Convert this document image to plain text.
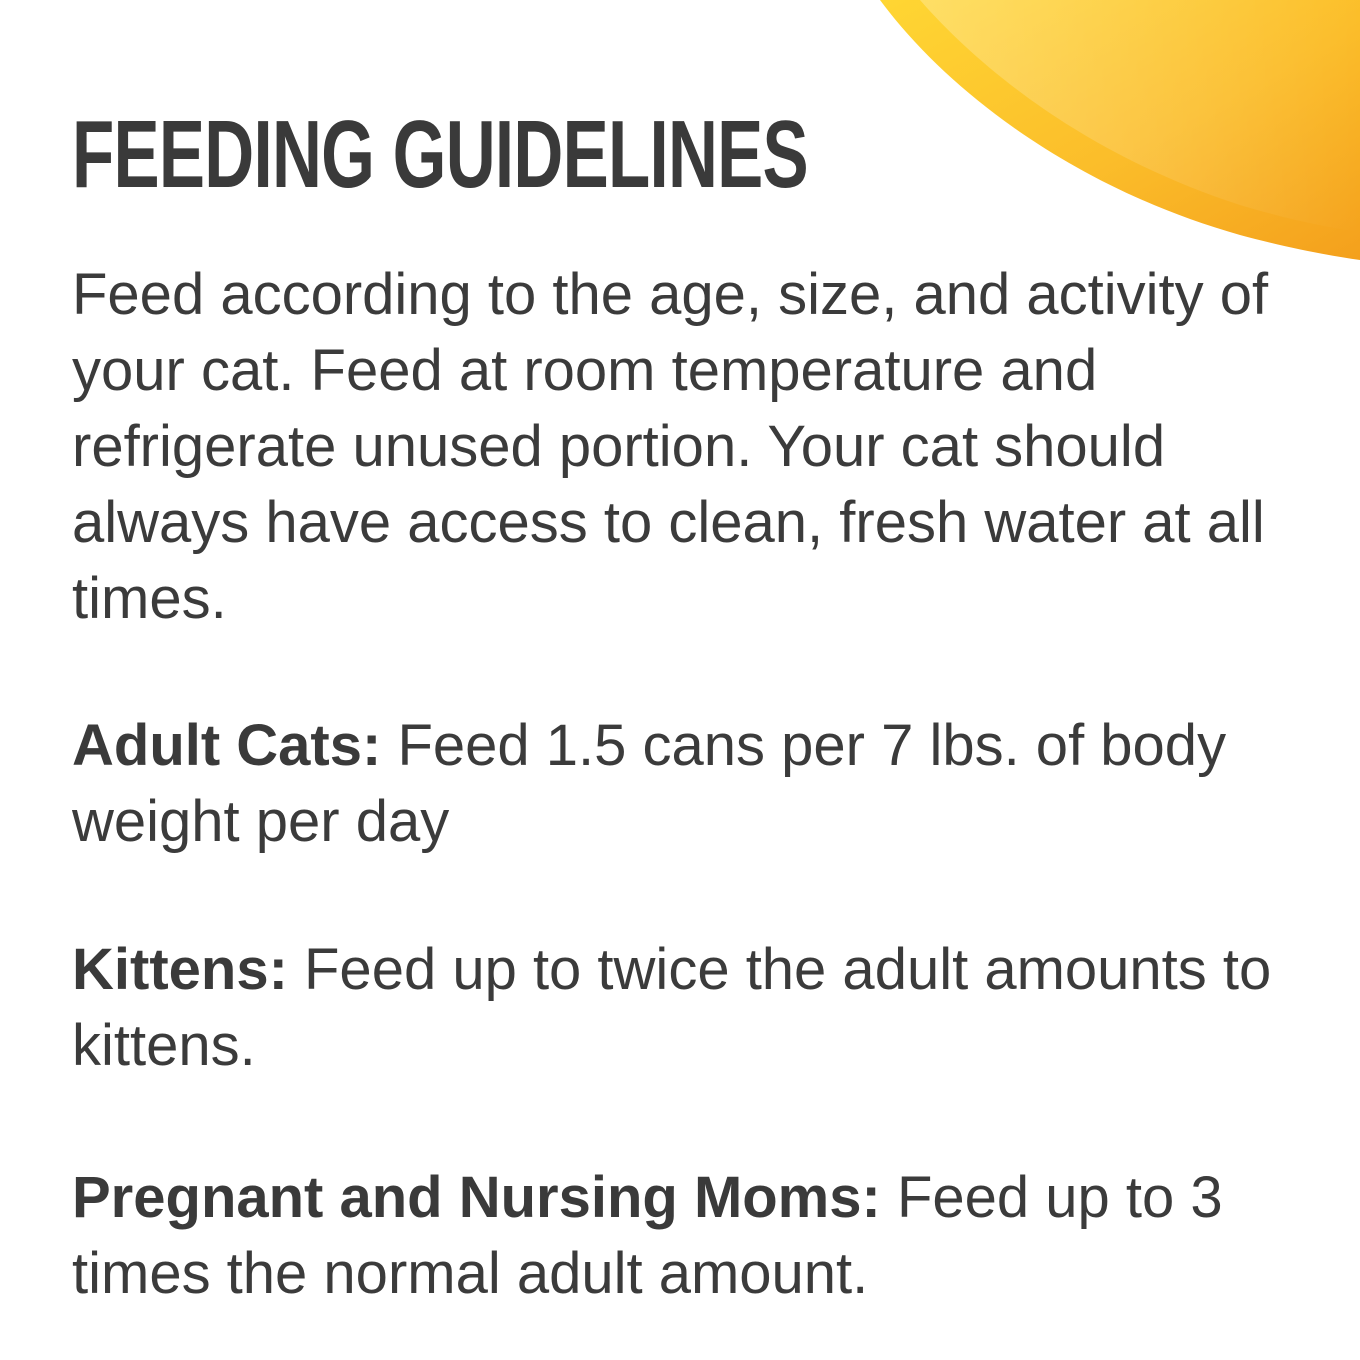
FEEDING GUIDELINES

Feed according to the age, size, and activity of your cat. Feed at room temperature and refrigerate unused portion. Your cat should always have access to clean, fresh water at all times.

Adult Cats: Feed 1.5 cans per 7 lbs. of body weight per day

Kittens: Feed up to twice the adult amounts to kittens.

Pregnant and Nursing Moms: Feed up to 3 times the normal adult amount.
